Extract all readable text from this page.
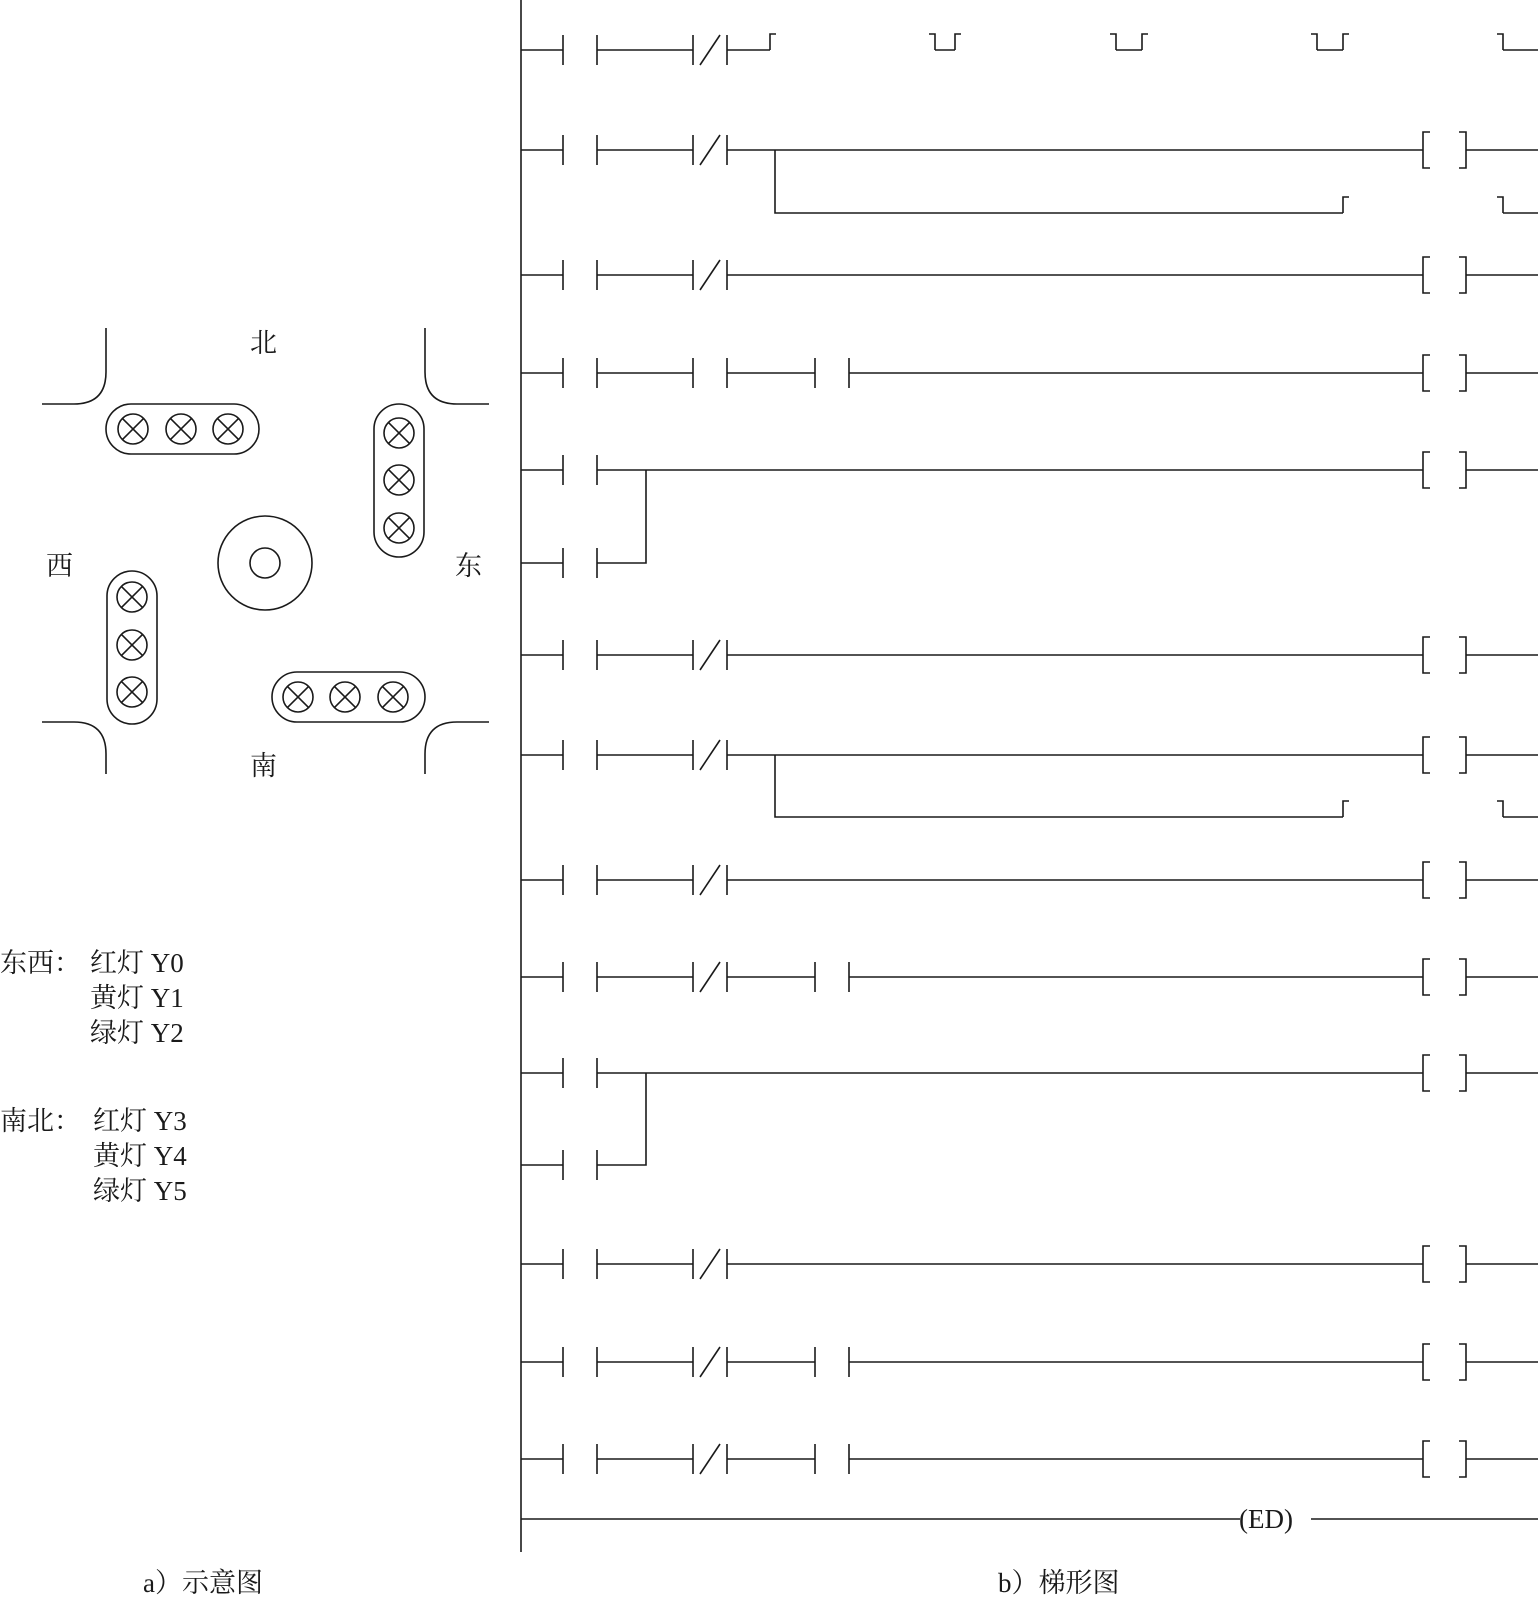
北
南
东
西
东西： 红灯 Y0
黄灯 Y1
绿灯 Y2
南北： 红灯 Y3
黄灯 Y4
绿灯 Y5
a）示意图
(ED)
b）梯形图
